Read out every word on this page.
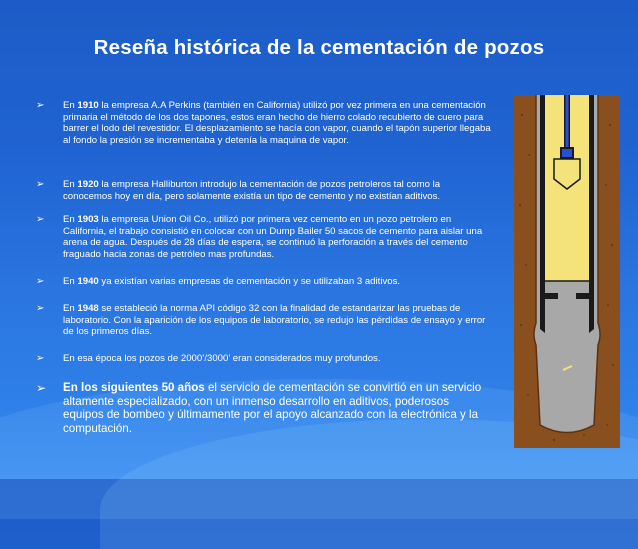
Reseña histórica de la cementación de pozos
➢ En 1910 la empresa A.A Perkins (también en California) utilizó por vez primera en una cementación primaria el método de los dos tapones, estos eran hecho de hierro colado recubierto de cuero para barrer el lodo del revestidor. El desplazamiento se hacía con vapor, cuando el tapón superior llegaba al fondo la presión se incrementaba y detenía la maquina de vapor.
➢ En 1920 la empresa Halliburton introdujo la cementación de pozos petroleros tal como la conocemos hoy en día, pero solamente existía un tipo de cemento y no existían aditivos.
➢ En 1903 la empresa Union Oil Co., utilizó por primera vez cemento en un pozo petrolero en California, el trabajo consistió en colocar con un Dump Bailer 50 sacos de cemento para aislar una arena de agua. Después de 28 días de espera, se continuó la perforación a través del cemento fraguado hacia zonas de petróleo mas profundas.
➢ En 1940 ya existían varias empresas de cementación y se utilizaban 3 aditivos.
➢ En 1948 se estableció la norma API código 32 con la finalidad de estandarizar las pruebas de laboratorio. Con la aparición de los equipos de laboratorio, se redujo las pérdidas de ensayo y error de los primeros días.
➢ En esa época los pozos de 2000’/3000’ eran considerados muy profundos.
➢ En los siguientes 50 años el servicio de cementación se convirtió en un servicio altamente especializado, con un inmenso desarrollo en aditivos, poderosos equipos de bombeo y últimamente por el apoyo alcanzado con la electrónica y la computación.
